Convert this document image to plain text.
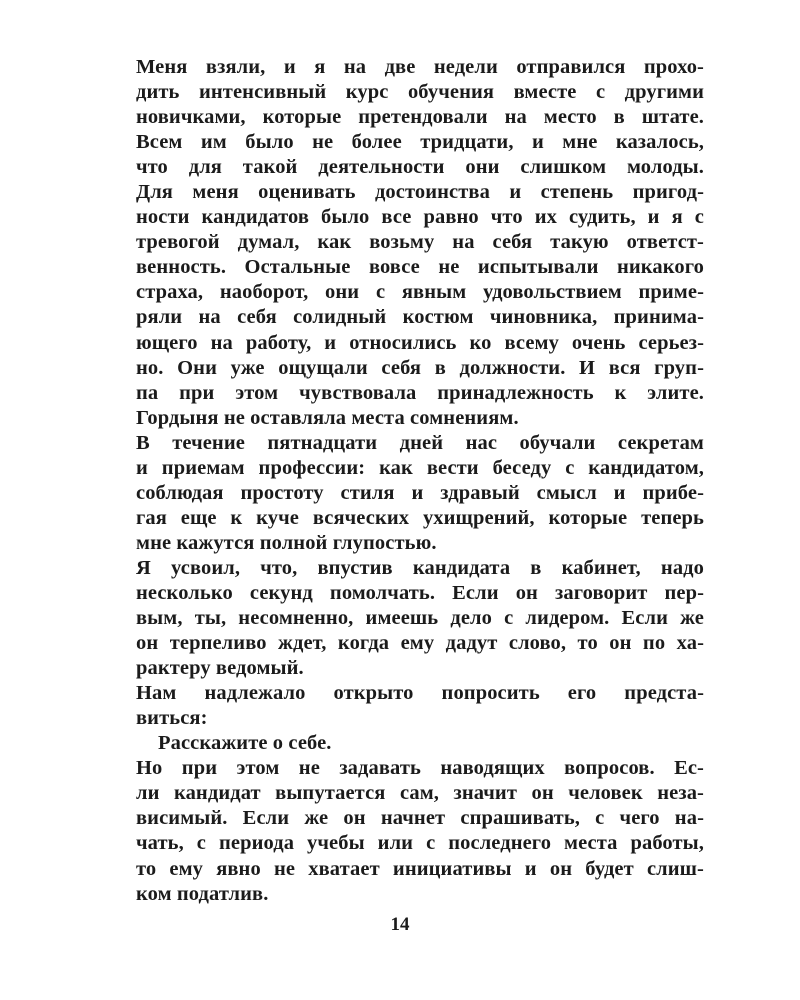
Меня взяли, и я на две недели отправился прохо-
дить интенсивный курс обучения вместе с другими
новичками, которые претендовали на место в штате.
Всем им было не более тридцати, и мне казалось,
что для такой деятельности они слишком молоды.
Для меня оценивать достоинства и степень пригод-
ности кандидатов было все равно что их судить, и я с
тревогой думал, как возьму на себя такую ответст-
венность. Остальные вовсе не испытывали никакого
страха, наоборот, они с явным удовольствием приме-
ряли на себя солидный костюм чиновника, принима-
ющего на работу, и относились ко всему очень серьез-
но. Они уже ощущали себя в должности. И вся груп-
па при этом чувствовала принадлежность к элите.
Гордыня не оставляла места сомнениям.
В течение пятнадцати дней нас обучали секретам
и приемам профессии: как вести беседу с кандидатом,
соблюдая простоту стиля и здравый смысл и прибе-
гая еще к куче всяческих ухищрений, которые теперь
мне кажутся полной глупостью.
Я усвоил, что, впустив кандидата в кабинет, надо
несколько секунд помолчать. Если он заговорит пер-
вым, ты, несомненно, имеешь дело с лидером. Если же
он терпеливо ждет, когда ему дадут слово, то он по ха-
рактеру ведомый.
Нам надлежало открыто попросить его предста-
виться:
Расскажите о себе.
Но при этом не задавать наводящих вопросов. Ес-
ли кандидат выпутается сам, значит он человек неза-
висимый. Если же он начнет спрашивать, с чего на-
чать, с периода учебы или с последнего места работы,
то ему явно не хватает инициативы и он будет слиш-
ком податлив.
14
